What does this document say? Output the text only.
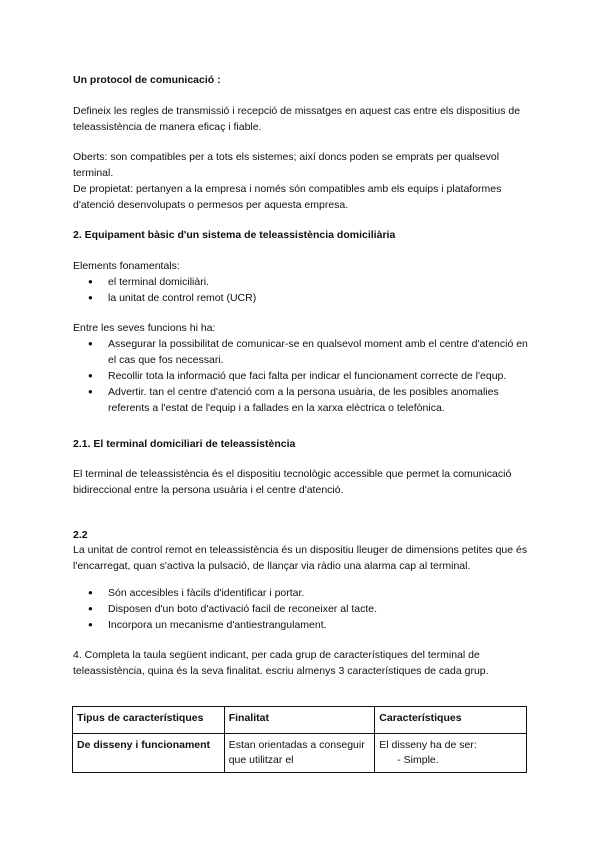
Un protocol de comunicació :
Defineix les regles de transmissió i recepció de missatges en aquest cas entre els dispositius de teleassistència de manera eficaç i fiable.
Oberts: son compatibles per a tots els sistemes; així doncs poden se emprats per qualsevol terminal.
De propietat: pertanyen a la empresa i només són compatibles amb els equips i plataformes d'atenció desenvolupats o permesos per aquesta empresa.
2. Equipament bàsic d'un sistema de teleassistència domiciliària
Elements fonamentals:
● el terminal domiciliàri.
● la unitat de control remot (UCR)
Entre les seves funcions hi ha:
● Assegurar la possibilitat de comunicar-se en qualsevol moment amb el centre d'atenció en el cas que fos necessari.
● Recollir tota la informació que faci falta per indicar el funcionament correcte de l'equp.
● Advertir. tan el centre d'atenció com a la persona usuària, de les posibles anomalies referents a l'estat de l'equip i a fallades en la xarxa elèctrica o telefònica.
2.1. El terminal domiciliari de teleassistència
El terminal de teleassistència és el dispositiu tecnològic accessible que permet la comunicació bidireccional entre la persona usuària i el centre d'atenció.
2.2
La unitat de control remot en teleassistència és un dispositiu lleuger de dimensions petites que és l'encarregat, quan s'activa la pulsació, de llançar via ràdio una alarma cap al terminal.
● Són accesibles i fàcils d'identificar i portar.
● Disposen d'un boto d'activació facil de reconeixer al tacte.
● Incorpora un mecanisme d'antiestrangulament.
4. Completa la taula següent indicant, per cada grup de característiques del terminal de teleassistència, quina és la seva finalitat. escriu almenys 3 característiques de cada grup.
Tipus de característiques	Finalitat	Característiques
De disseny i funcionament	Estan orientadas a conseguir que utilitzar el	El disseny ha de ser:
- Simple.
